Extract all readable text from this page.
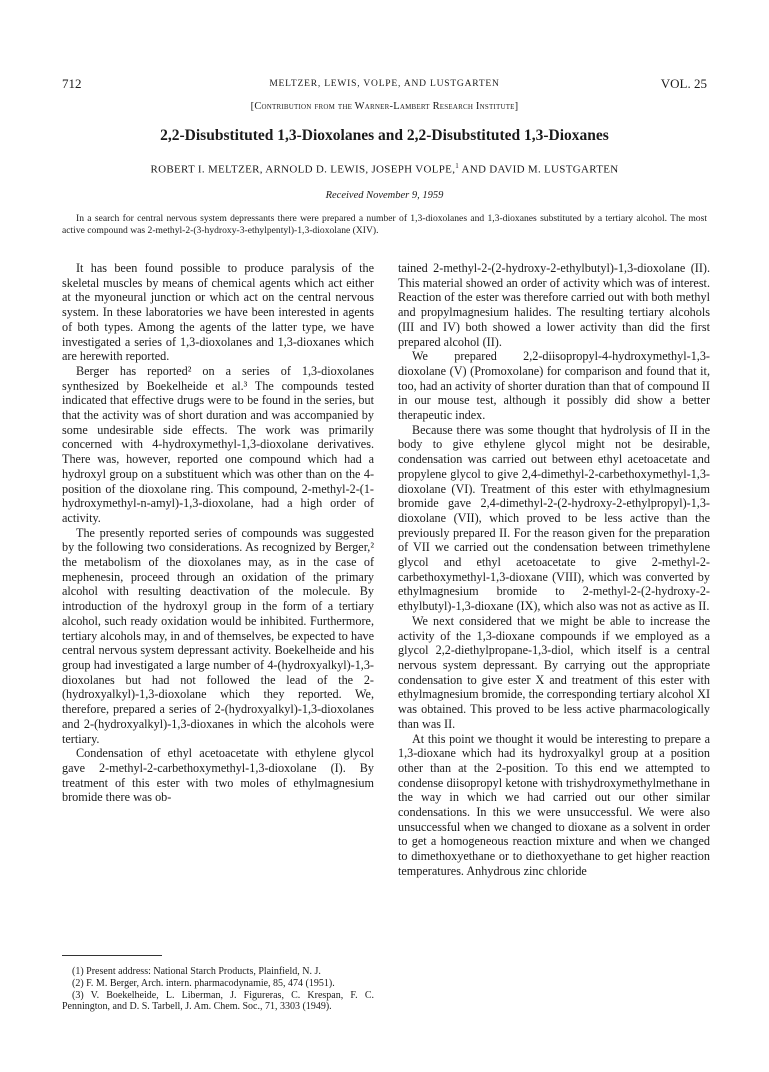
712	MELTZER, LEWIS, VOLPE, AND LUSTGARTEN	VOL. 25
[Contribution from the Warner-Lambert Research Institute]
2,2-Disubstituted 1,3-Dioxolanes and 2,2-Disubstituted 1,3-Dioxanes
ROBERT I. MELTZER, ARNOLD D. LEWIS, JOSEPH VOLPE,$^1$ AND DAVID M. LUSTGARTEN
Received November 9, 1959
In a search for central nervous system depressants there were prepared a number of 1,3-dioxolanes and 1,3-dioxanes substituted by a tertiary alcohol. The most active compound was 2-methyl-2-(3-hydroxy-3-ethylpentyl)-1,3-dioxolane (XIV).

It has been found possible to produce paralysis of the skeletal muscles by means of chemical agents which act either at the myoneural junction or which act on the central nervous system. In these laboratories we have been interested in agents of both types. Among the agents of the latter type, we have investigated a series of 1,3-dioxolanes and 1,3-dioxanes which are herewith reported.

Berger has reported² on a series of 1,3-dioxolanes synthesized by Boekelheide et al.³ The compounds tested indicated that effective drugs were to be found in the series, but that the activity was of short duration and was accompanied by some undesirable side effects. The work was primarily concerned with 4-hydroxymethyl-1,3-dioxolane derivatives. There was, however, reported one compound which had a hydroxyl group on a substituent which was other than on the 4-position of the dioxolane ring. This compound, 2-methyl-2-(1-hydroxymethyl-n-amyl)-1,3-dioxolane, had a high order of activity.

The presently reported series of compounds was suggested by the following two considerations. As recognized by Berger,² the metabolism of the dioxolanes may, as in the case of mephenesin, proceed through an oxidation of the primary alcohol with resulting deactivation of the molecule. By introduction of the hydroxyl group in the form of a tertiary alcohol, such ready oxidation would be inhibited. Furthermore, tertiary alcohols may, in and of themselves, be expected to have central nervous system depressant activity. Boekelheide and his group had investigated a large number of 4-(hydroxyalkyl)-1,3-dioxolanes but had not followed the lead of the 2-(hydroxyalkyl)-1,3-dioxolane which they reported. We, therefore, prepared a series of 2-(hydroxyalkyl)-1,3-dioxolanes and 2-(hydroxyalkyl)-1,3-dioxanes in which the alcohols were tertiary.

Condensation of ethyl acetoacetate with ethylene glycol gave 2-methyl-2-carbethoxymethyl-1,3-dioxolane (I). By treatment of this ester with two moles of ethylmagnesium bromide there was ob-

tained 2-methyl-2-(2-hydroxy-2-ethylbutyl)-1,3-dioxolane (II). This material showed an order of activity which was of interest. Reaction of the ester was therefore carried out with both methyl and propylmagnesium halides. The resulting tertiary alcohols (III and IV) both showed a lower activity than did the first prepared alcohol (II).

We prepared 2,2-diisopropyl-4-hydroxymethyl-1,3-dioxolane (V) (Promoxolane) for comparison and found that it, too, had an activity of shorter duration than that of compound II in our mouse test, although it possibly did show a better therapeutic index.

Because there was some thought that hydrolysis of II in the body to give ethylene glycol might not be desirable, condensation was carried out between ethyl acetoacetate and propylene glycol to give 2,4-dimethyl-2-carbethoxymethyl-1,3-dioxolane (VI). Treatment of this ester with ethylmagnesium bromide gave 2,4-dimethyl-2-(2-hydroxy-2-ethylpropyl)-1,3-dioxolane (VII), which proved to be less active than the previously prepared II. For the reason given for the preparation of VII we carried out the condensation between trimethylene glycol and ethyl acetoacetate to give 2-methyl-2-carbethoxymethyl-1,3-dioxane (VIII), which was converted by ethylmagnesium bromide to 2-methyl-2-(2-hydroxy-2-ethylbutyl)-1,3-dioxane (IX), which also was not as active as II.

We next considered that we might be able to increase the activity of the 1,3-dioxane compounds if we employed as a glycol 2,2-diethylpropane-1,3-diol, which itself is a central nervous system depressant. By carrying out the appropriate condensation to give ester X and treatment of this ester with ethylmagnesium bromide, the corresponding tertiary alcohol XI was obtained. This proved to be less active pharmacologically than was II.

At this point we thought it would be interesting to prepare a 1,3-dioxane which had its hydroxyalkyl group at a position other than at the 2-position. To this end we attempted to condense diisopropyl ketone with trishydroxymethylmethane in the way in which we had carried out our other similar condensations. In this we were unsuccessful. We were also unsuccessful when we changed to dioxane as a solvent in order to get a homogeneous reaction mixture and when we changed to dimethoxyethane or to diethoxyethane to get higher reaction temperatures. Anhydrous zinc chloride

(1) Present address: National Starch Products, Plainfield, N. J.

(2) F. M. Berger, Arch. intern. pharmacodynamie, 85, 474 (1951).

(3) V. Boekelheide, L. Liberman, J. Figureras, C. Krespan, F. C. Pennington, and D. S. Tarbell, J. Am. Chem. Soc., 71, 3303 (1949).
